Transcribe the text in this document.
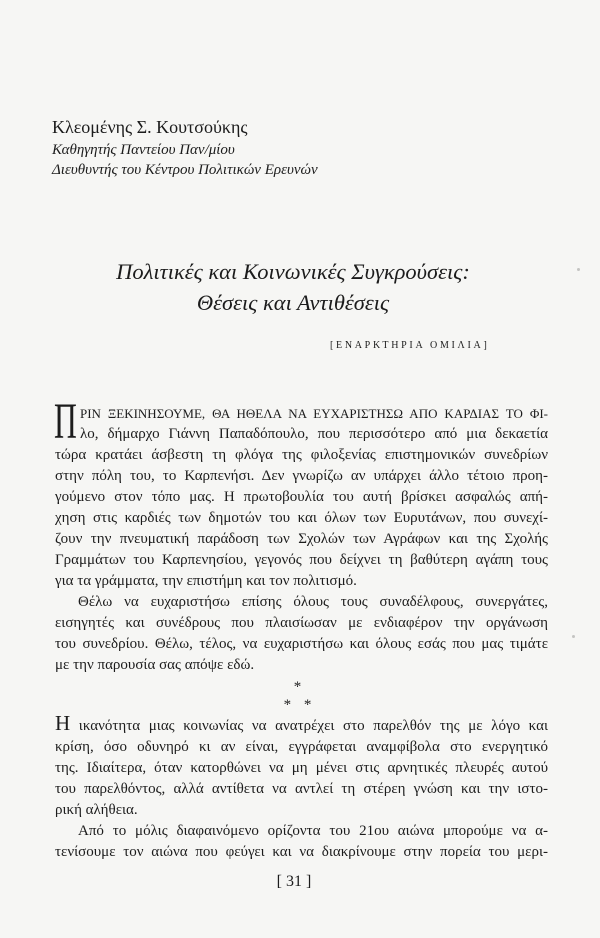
Κλεομένης Σ. Κουτσούκης
Καθηγητής Παντείου Παν/μίου
Διευθυντής του Κέντρου Πολιτικών Ερευνών
Πολιτικές και Κοινωνικές Συγκρούσεις:
Θέσεις και Αντιθέσεις
[ΕΝΑΡΚΤΗΡΙΑ ΟΜΙΛΙΑ]
Π ΡΙΝ ΞΕΚΙΝΗΣΟΥΜΕ, ΘΑ ΗΘΕΛΑ ΝΑ ΕΥΧΑΡΙΣΤΗΣΩ ΑΠΟ ΚΑΡΔΙΑΣ ΤΟ ΦΙ-
λο, δήμαρχο Γιάννη Παπαδόπουλο, που περισσότερο από μια δεκαετία
τώρα κρατάει άσβεστη τη φλόγα της φιλοξενίας επιστημονικών συνεδρίων
στην πόλη του, το Καρπενήσι. Δεν γνωρίζω αν υπάρχει άλλο τέτοιο προη-
γούμενο στον τόπο μας. Η πρωτοβουλία του αυτή βρίσκει ασφαλώς απή-
χηση στις καρδιές των δημοτών του και όλων των Ευρυτάνων, που συνεχί-
ζουν την πνευματική παράδοση των Σχολών των Αγράφων και της Σχολής
Γραμμάτων του Καρπενησίου, γεγονός που δείχνει τη βαθύτερη αγάπη τους
για τα γράμματα, την επιστήμη και τον πολιτισμό.
Θέλω να ευχαριστήσω επίσης όλους τους συναδέλφους, συνεργάτες,
εισηγητές και συνέδρους που πλαισίωσαν με ενδιαφέρον την οργάνωση
του συνεδρίου. Θέλω, τέλος, να ευχαριστήσω και όλους εσάς που μας τιμάτε
με την παρουσία σας απόψε εδώ.
*
* *
Η ικανότητα μιας κοινωνίας να ανατρέχει στο παρελθόν της με λόγο και
κρίση, όσο οδυνηρό κι αν είναι, εγγράφεται αναμφίβολα στο ενεργητικό
της. Ιδιαίτερα, όταν κατορθώνει να μη μένει στις αρνητικές πλευρές αυτού
του παρελθόντος, αλλά αντίθετα να αντλεί τη στέρεη γνώση και την ιστο-
ρική αλήθεια.
Από το μόλις διαφαινόμενο ορίζοντα του 21ου αιώνα μπορούμε να α-
τενίσουμε τον αιώνα που φεύγει και να διακρίνουμε στην πορεία του μερι-
[ 31 ]
